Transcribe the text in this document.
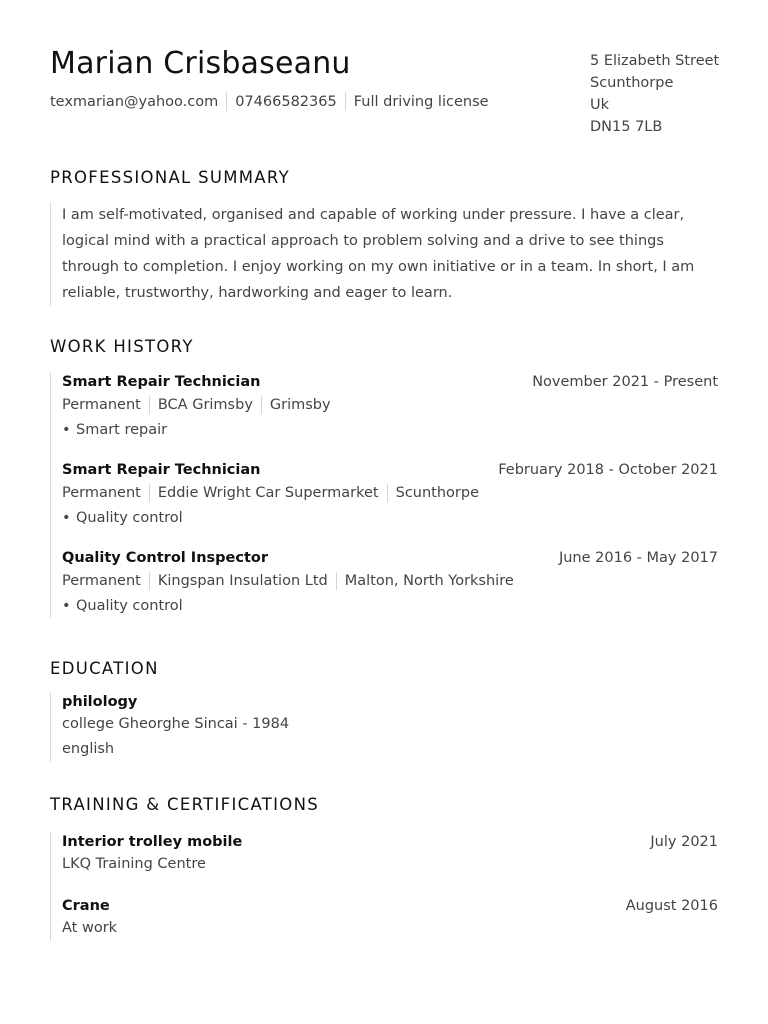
Marian Crisbaseanu
texmarian@yahoo.com 07466582365 Full driving license
5 Elizabeth Street
Scunthorpe
Uk
DN15 7LB
PROFESSIONAL SUMMARY
I am self-motivated, organised and capable of working under pressure. I have a clear, logical mind with a practical approach to problem solving and a drive to see things through to completion. I enjoy working on my own initiative or in a team. In short, I am reliable, trustworthy, hardworking and eager to learn.
WORK HISTORY
Smart Repair Technician	November 2021 - Present
Permanent BCA Grimsby Grimsby
• Smart repair
Smart Repair Technician	February 2018 - October 2021
Permanent Eddie Wright Car Supermarket Scunthorpe
• Quality control
Quality Control Inspector	June 2016 - May 2017
Permanent Kingspan Insulation Ltd Malton, North Yorkshire
• Quality control
EDUCATION
philology
college Gheorghe Sincai - 1984
english
TRAINING & CERTIFICATIONS
Interior trolley mobile	July 2021
LKQ Training Centre
Crane	August 2016
At work
